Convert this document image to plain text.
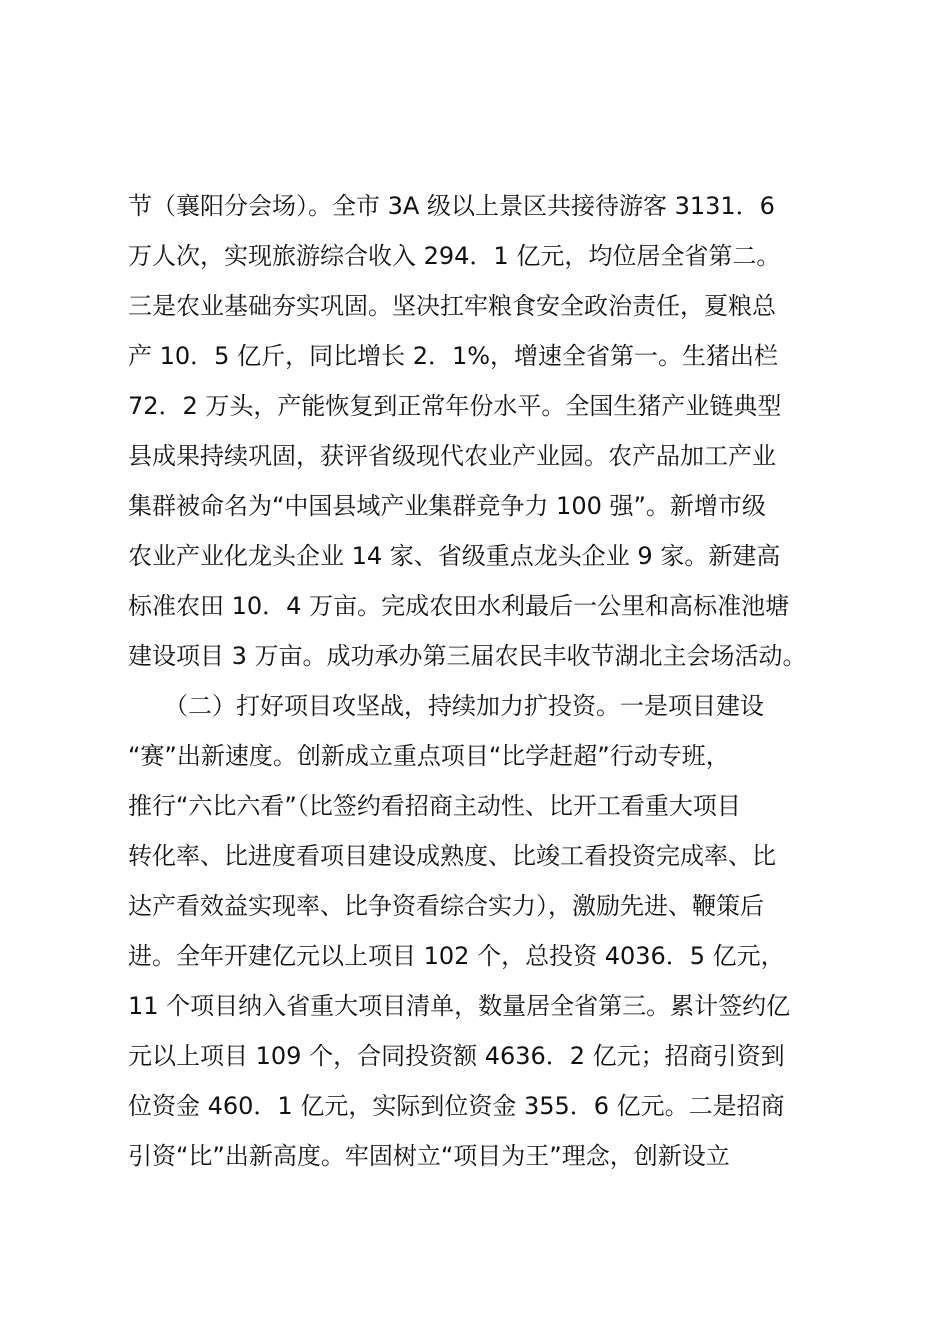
节（襄阳分会场）。全市 3A 级以上景区共接待游客 3131．6
万人次，实现旅游综合收入 294．1 亿元，均位居全省第二。
三是农业基础夯实巩固。坚决扛牢粮食安全政治责任，夏粮总
产 10．5 亿斤，同比增长 2．1%，增速全省第一。生猪出栏
72．2 万头，产能恢复到正常年份水平。全国生猪产业链典型
县成果持续巩固，获评省级现代农业产业园。农产品加工产业
集群被命名为“中国县域产业集群竞争力 100 强”。新增市级
农业产业化龙头企业 14 家、省级重点龙头企业 9 家。新建高
标准农田 10．4 万亩。完成农田水利最后一公里和高标准池塘
建设项目 3 万亩。成功承办第三届农民丰收节湖北主会场活动。
　　（二）打好项目攻坚战，持续加力扩投资。一是项目建设
“赛”出新速度。创新成立重点项目“比学赶超”行动专班，
推行“六比六看”（比签约看招商主动性、比开工看重大项目
转化率、比进度看项目建设成熟度、比竣工看投资完成率、比
达产看效益实现率、比争资看综合实力），激励先进、鞭策后
进。全年开建亿元以上项目 102 个，总投资 4036．5 亿元，
11 个项目纳入省重大项目清单，数量居全省第三。累计签约亿
元以上项目 109 个，合同投资额 4636．2 亿元；招商引资到
位资金 460．1 亿元，实际到位资金 355．6 亿元。二是招商
引资“比”出新高度。牢固树立“项目为王”理念，创新设立
